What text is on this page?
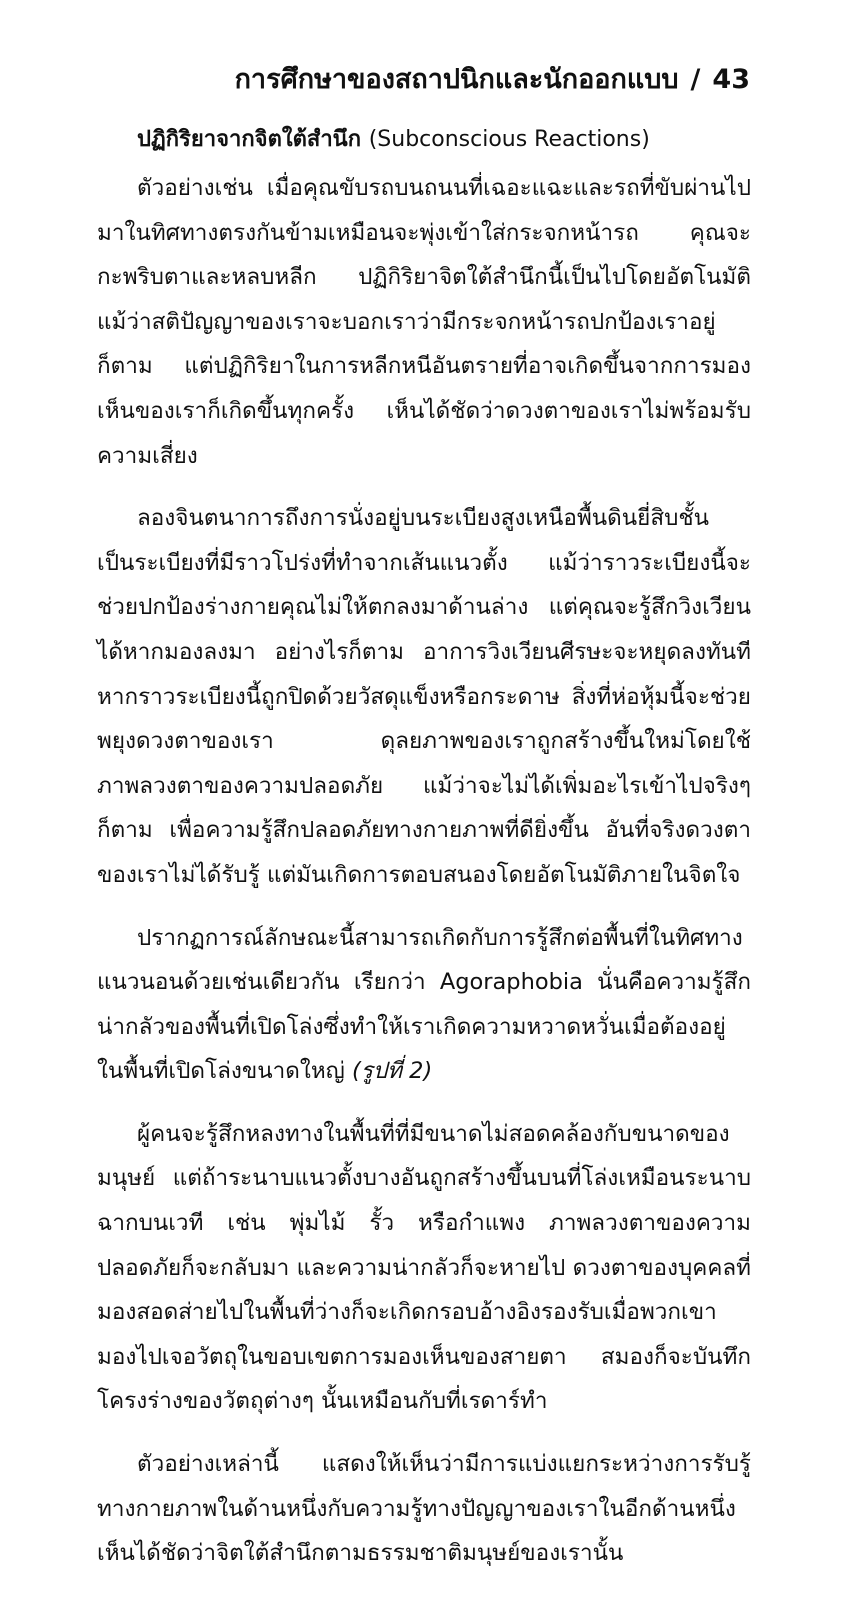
การศึกษาของสถาปนิกและนักออกแบบ / 43
ปฏิกิริยาจากจิตใต้สำนึก (Subconscious Reactions)

ตัวอย่างเช่น เมื่อคุณขับรถบนถนนที่เฉอะแฉะและรถที่ขับผ่านไปมาในทิศทางตรงกันข้ามเหมือนจะพุ่งเข้าใส่กระจกหน้ารถ คุณจะกะพริบตาและหลบหลีก ปฏิกิริยาจิตใต้สำนึกนี้เป็นไปโดยอัตโนมัติ แม้ว่าสติปัญญาของเราจะบอกเราว่ามีกระจกหน้ารถปกป้องเราอยู่ก็ตาม แต่ปฏิกิริยาในการหลีกหนีอันตรายที่อาจเกิดขึ้นจากการมองเห็นของเราก็เกิดขึ้นทุกครั้ง เห็นได้ชัดว่าดวงตาของเราไม่พร้อมรับความเสี่ยง

ลองจินตนาการถึงการนั่งอยู่บนระเบียงสูงเหนือพื้นดินยี่สิบชั้น เป็นระเบียงที่มีราวโปร่งที่ทำจากเส้นแนวตั้ง แม้ว่าราวระเบียงนี้จะช่วยปกป้องร่างกายคุณไม่ให้ตกลงมาด้านล่าง แต่คุณจะรู้สึกวิงเวียนได้หากมองลงมา อย่างไรก็ตาม อาการวิงเวียนศีรษะจะหยุดลงทันทีหากราวระเบียงนี้ถูกปิดด้วยวัสดุแข็งหรือกระดาษ สิ่งที่ห่อหุ้มนี้จะช่วยพยุงดวงตาของเรา ดุลยภาพของเราถูกสร้างขึ้นใหม่โดยใช้ภาพลวงตาของความปลอดภัย แม้ว่าจะไม่ได้เพิ่มอะไรเข้าไปจริงๆ ก็ตาม เพื่อความรู้สึกปลอดภัยทางกายภาพที่ดียิ่งขึ้น อันที่จริงดวงตาของเราไม่ได้รับรู้ แต่มันเกิดการตอบสนองโดยอัตโนมัติภายในจิตใจ

ปรากฏการณ์ลักษณะนี้สามารถเกิดกับการรู้สึกต่อพื้นที่ในทิศทางแนวนอนด้วยเช่นเดียวกัน เรียกว่า Agoraphobia นั่นคือความรู้สึกน่ากลัวของพื้นที่เปิดโล่งซึ่งทำให้เราเกิดความหวาดหวั่นเมื่อต้องอยู่ในพื้นที่เปิดโล่งขนาดใหญ่ (รูปที่ 2)

ผู้คนจะรู้สึกหลงทางในพื้นที่ที่มีขนาดไม่สอดคล้องกับขนาดของมนุษย์ แต่ถ้าระนาบแนวตั้งบางอันถูกสร้างขึ้นบนที่โล่งเหมือนระนาบฉากบนเวที เช่น พุ่มไม้ รั้ว หรือกำแพง ภาพลวงตาของความปลอดภัยก็จะกลับมา และความน่ากลัวก็จะหายไป ดวงตาของบุคคลที่มองสอดส่ายไปในพื้นที่ว่างก็จะเกิดกรอบอ้างอิงรองรับเมื่อพวกเขามองไปเจอวัตถุในขอบเขตการมองเห็นของสายตา สมองก็จะบันทึกโครงร่างของวัตถุต่างๆ นั้นเหมือนกับที่เรดาร์ทำ

ตัวอย่างเหล่านี้ แสดงให้เห็นว่ามีการแบ่งแยกระหว่างการรับรู้ทางกายภาพในด้านหนึ่งกับความรู้ทางปัญญาของเราในอีกด้านหนึ่ง เห็นได้ชัดว่าจิตใต้สำนึกตามธรรมชาติมนุษย์ของเรานั้น
